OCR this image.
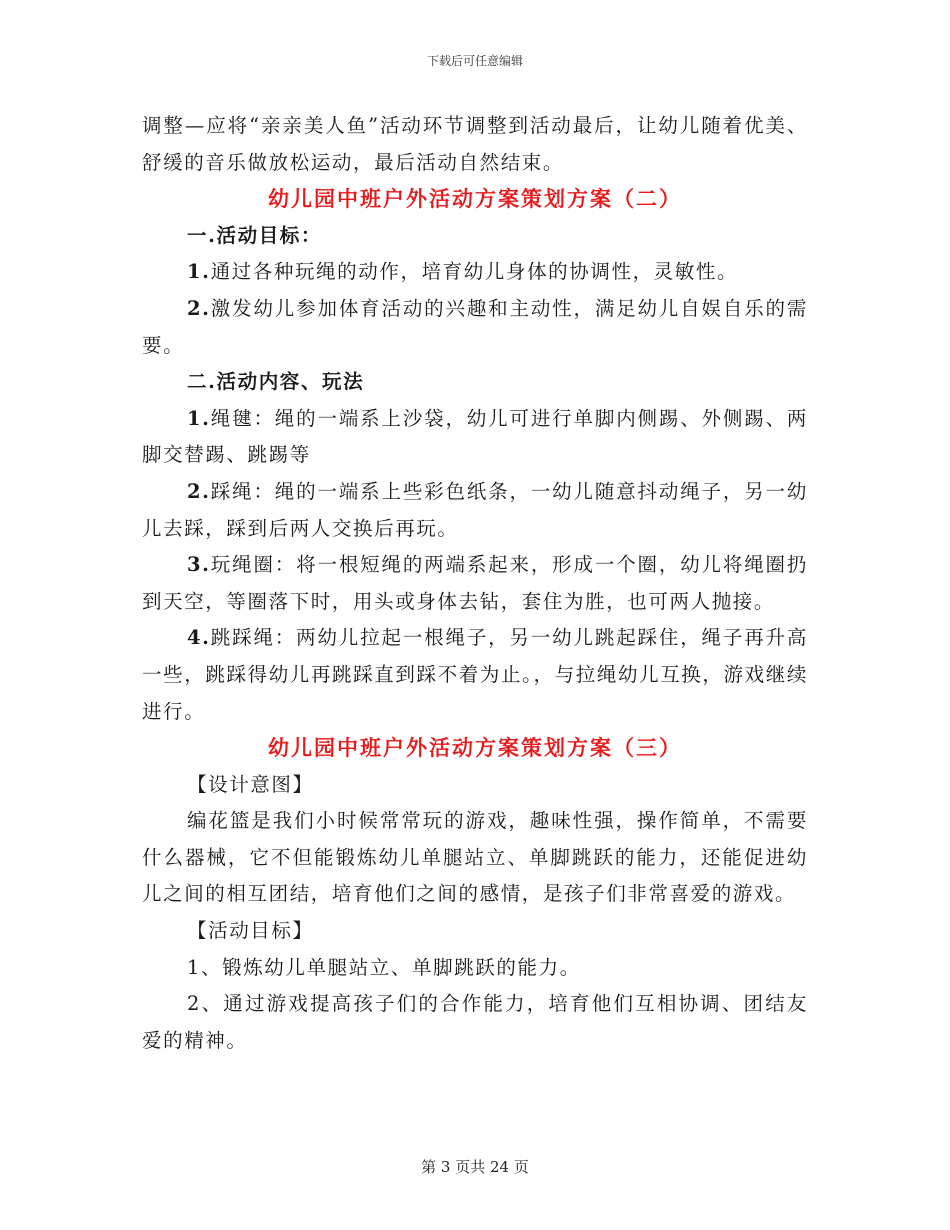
下载后可任意编辑

调整—应将“亲亲美人鱼”活动环节调整到活动最后，让幼儿随着优美、舒缓的音乐做放松运动，最后活动自然结束。

幼儿园中班户外活动方案策划方案（二）

一.活动目标：

1.通过各种玩绳的动作，培育幼儿身体的协调性，灵敏性。

2.激发幼儿参加体育活动的兴趣和主动性，满足幼儿自娱自乐的需要。

二.活动内容、玩法

1.绳毽：绳的一端系上沙袋，幼儿可进行单脚内侧踢、外侧踢、两脚交替踢、跳踢等

2.踩绳：绳的一端系上些彩色纸条，一幼儿随意抖动绳子，另一幼儿去踩，踩到后两人交换后再玩。

3.玩绳圈：将一根短绳的两端系起来，形成一个圈，幼儿将绳圈扔到天空，等圈落下时，用头或身体去钻，套住为胜，也可两人抛接。

4.跳踩绳：两幼儿拉起一根绳子，另一幼儿跳起踩住，绳子再升高一些，跳踩得幼儿再跳踩直到踩不着为止。，与拉绳幼儿互换，游戏继续进行。

幼儿园中班户外活动方案策划方案（三）

【设计意图】

编花篮是我们小时候常常玩的游戏，趣味性强，操作简单，不需要什么器械，它不但能锻炼幼儿单腿站立、单脚跳跃的能力，还能促进幼儿之间的相互团结，培育他们之间的感情，是孩子们非常喜爱的游戏。

【活动目标】

1、锻炼幼儿单腿站立、单脚跳跃的能力。

2、通过游戏提高孩子们的合作能力，培育他们互相协调、团结友爱的精神。

第 3 页共 24 页
